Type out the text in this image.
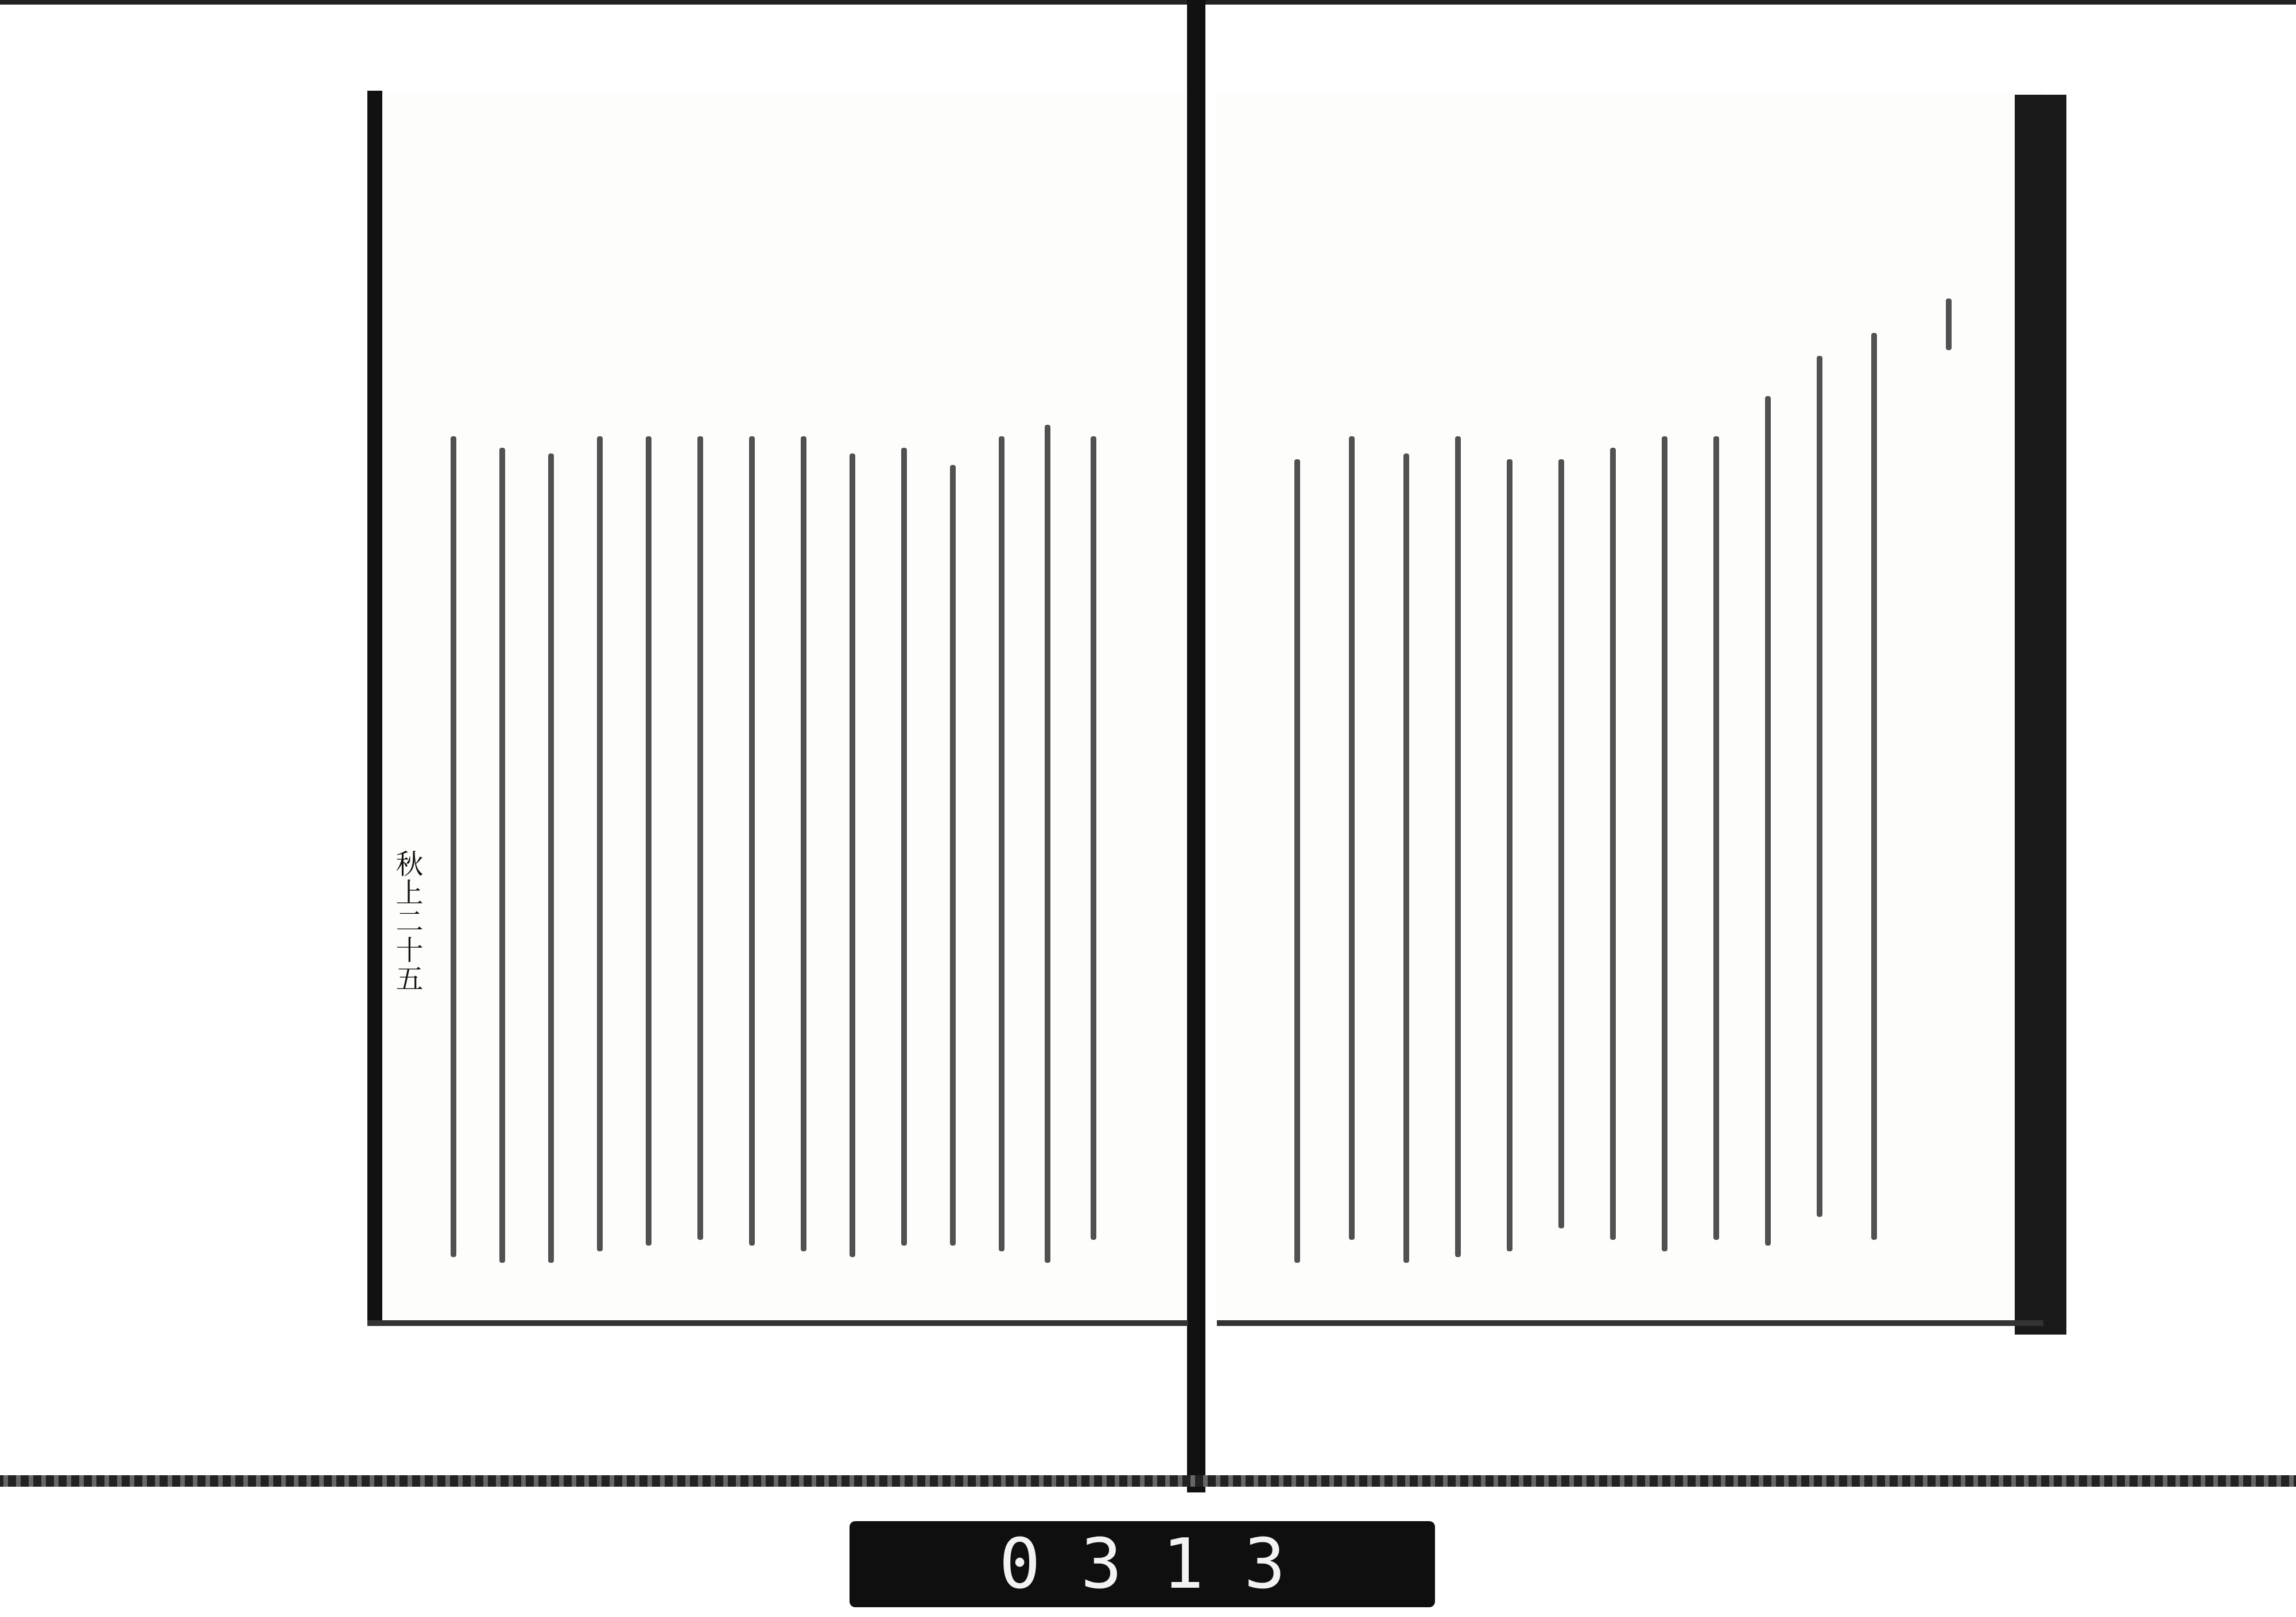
秋上二十五
0313
